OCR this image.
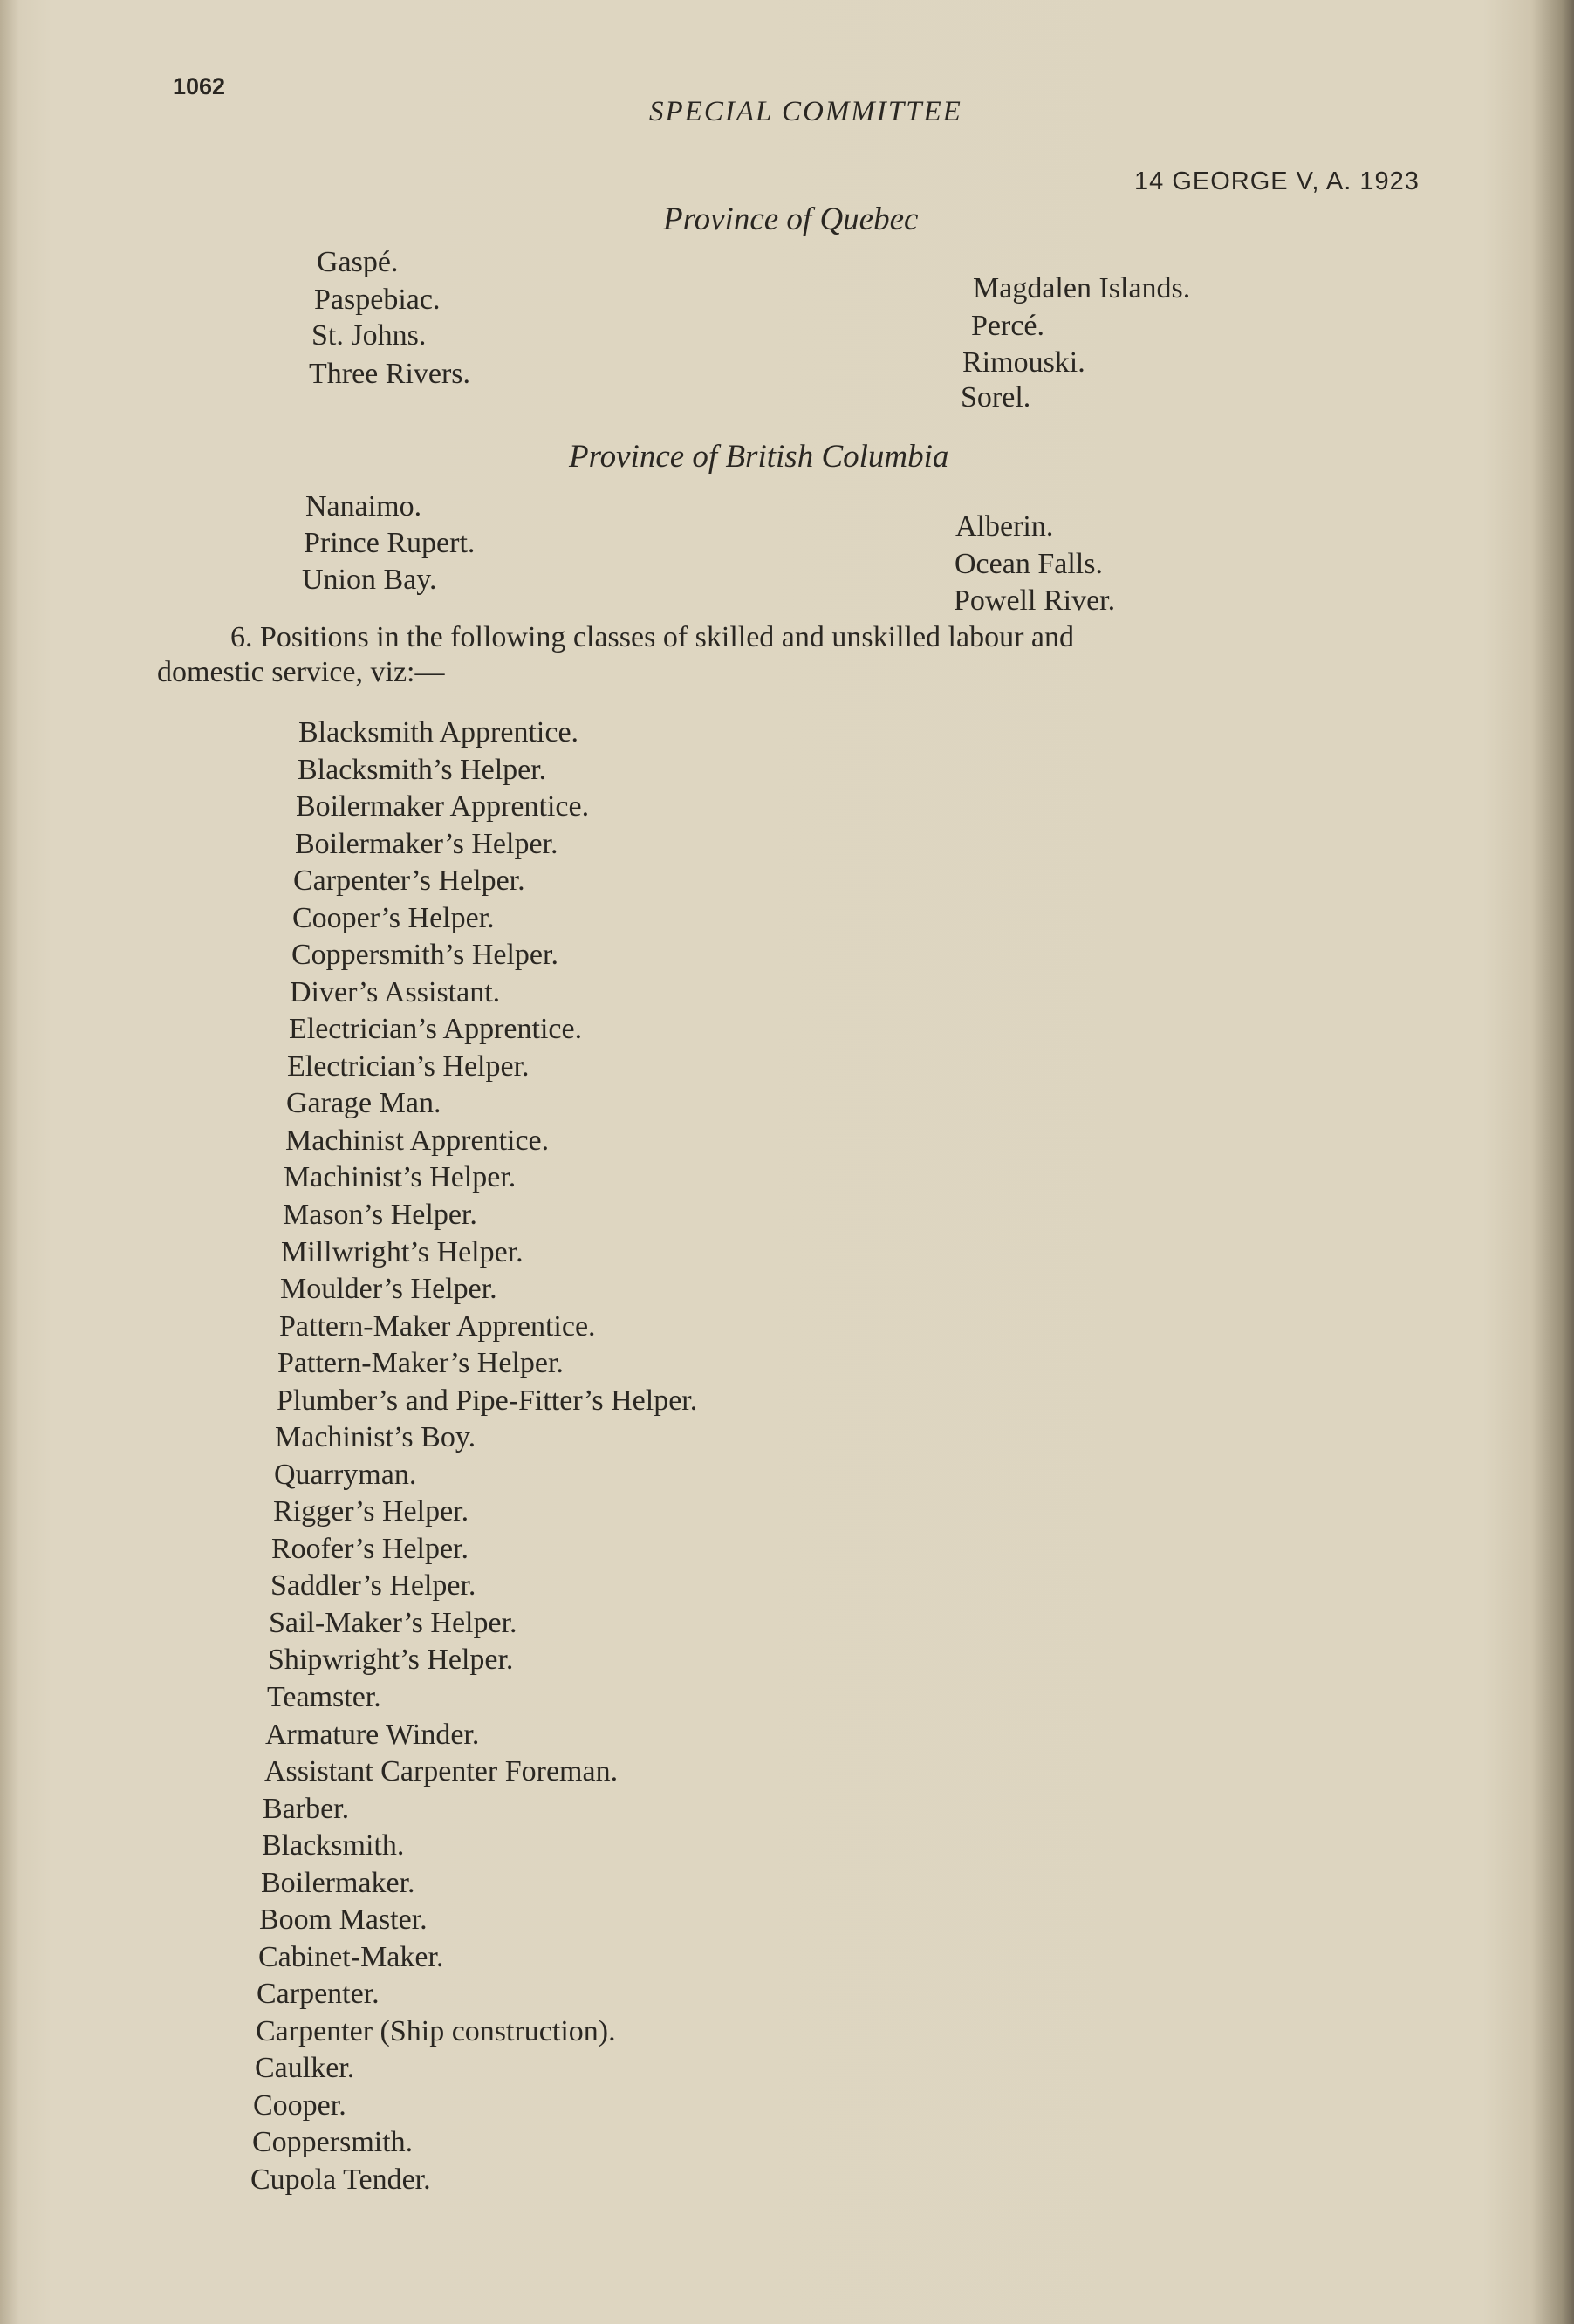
1062
SPECIAL COMMITTEE
14 GEORGE V, A. 1923
Province of Quebec
Gaspé.
Paspebiac.
St. Johns.
Three Rivers.
Magdalen Islands.
Percé.
Rimouski.
Sorel.
Province of British Columbia
Nanaimo.
Prince Rupert.
Union Bay.
Alberin.
Ocean Falls.
Powell River.
6. Positions in the following classes of skilled and unskilled labour and
domestic service, viz:—
Blacksmith Apprentice.
Blacksmith’s Helper.
Boilermaker Apprentice.
Boilermaker’s Helper.
Carpenter’s Helper.
Cooper’s Helper.
Coppersmith’s Helper.
Diver’s Assistant.
Electrician’s Apprentice.
Electrician’s Helper.
Garage Man.
Machinist Apprentice.
Machinist’s Helper.
Mason’s Helper.
Millwright’s Helper.
Moulder’s Helper.
Pattern-Maker Apprentice.
Pattern-Maker’s Helper.
Plumber’s and Pipe-Fitter’s Helper.
Machinist’s Boy.
Quarryman.
Rigger’s Helper.
Roofer’s Helper.
Saddler’s Helper.
Sail-Maker’s Helper.
Shipwright’s Helper.
Teamster.
Armature Winder.
Assistant Carpenter Foreman.
Barber.
Blacksmith.
Boilermaker.
Boom Master.
Cabinet-Maker.
Carpenter.
Carpenter (Ship construction).
Caulker.
Cooper.
Coppersmith.
Cupola Tender.
